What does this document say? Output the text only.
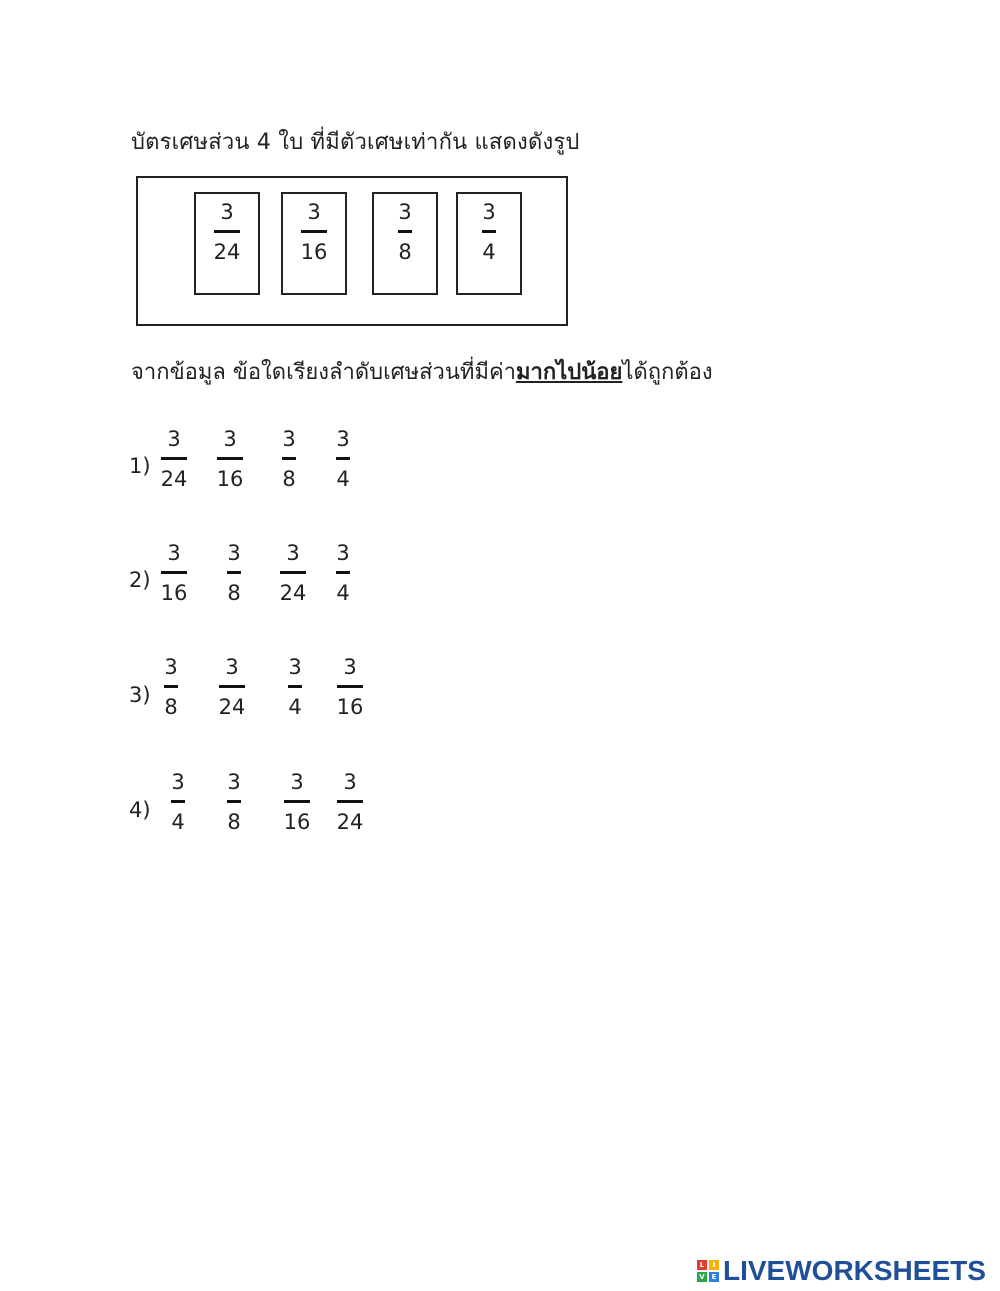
บัตรเศษส่วน 4 ใบ ที่มีตัวเศษเท่ากัน แสดงดังรูป
3
24
3
16
3
8
3
4
จากข้อมูล ข้อใดเรียงลำดับเศษส่วนที่มีค่ามากไปน้อยได้ถูกต้อง
1)
3
24
3
16
3
8
3
4
2)
3
16
3
8
3
24
3
4
3)
3
8
3
24
3
4
3
16
4)
3
4
3
8
3
16
3
24
L	I
V E LIVEWORKSHEETS
